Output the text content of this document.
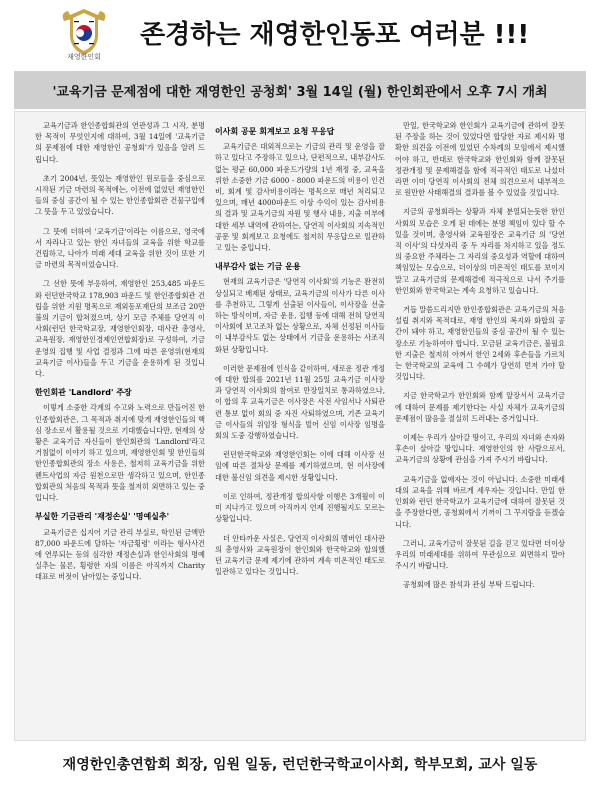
재영한인회
존경하는 재영한인동포 여러분 !!!
'교육기금 문제점에 대한 재영한인 공청회' 3월 14일 (월) 한인회관에서 오후 7시 개최

교육기금과 한인종합회관의 연관성과 그 시작, 분명한 목적이 무엇인지에 대하여, 3월 14일에 '교육기금의 문제점에 대한 재영한인 공청회'가 있음을 알려 드립니다.

초기 2004년, 뜻있는 재영한인 원로들을 중심으로 시작된 기금 마련의 목적에는, 이전에 없었던 재영한인들의 중심 공간이 될 수 있는 한인종합회관 건물구입에 그 뜻을 두고 있었습니다.

그 뜻에 더하여 '교육기금'이라는 이름으로, 영국에서 자라나고 있는 한인 자녀들의 교육을 위한 학교를 건립하고, 나아가 미래 세대 교육을 위한 것이 또한 기금 마련의 목적이었습니다.

그 선한 뜻에 부응하여, 재영한인 253,485 파운드와 런던한국학교 178,903 파운드 및 한인종합회관 건립을 위한 지원 명목으로 재외동포재단의 보조금 20만불의 기금이 합쳐졌으며, 상기 모금 주체를 당연직 이사회(런던 한국학교장, 재영한인회장, 대사관 총영사, 교육원장, 재영한인경제인연합회장)로 구성하여, 기금 운영의 집행 및 사업 결정과 그에 따른 운영위(현재의 교육기금 이사)들을 두고 기금을 운용하게 된 것입니다.

한인회관 'Landlord' 주장

이렇게 소중한 각계의 수고와 노력으로 만들어진 한인종합회관은, 그 목적과 취지에 맞게 재영한인들의 핵심 장소로서 활용될 것으로 기대했습니다만, 현재의 상황은 교육기금 자신들이 한인회관의 'Landlord'라고 거침없이 이야기 하고 있으며, 재영한인회 및 한인들의 한인종합회관의 장소 사용은, 철저히 교육기금을 위한 렌트사업의 자금 원천으로만 생각하고 있으며, 한인종합회관의 처음의 목적과 뜻을 철저히 외면하고 있는 중입니다.

부실한 기금관리 '재정손실' '명예실추'

교육기금은 십지어 기금 관리 부실로, 학인된 금액만 87,000 파운드에 달하는 '자금횡령' 이라는 형사사건에 연루되는 등의 심각한 재정손실과 한인사회의 명예실추는 물론, 횡령한 자의 이름은 아직까지 Charity 대표로 버젓이 남아있는 중입니다.

이사회 공문 회계보고 요청 무응답

교육기금은 대외적으로는 기금의 관리 및 운영을 잘 하고 있다고 주장하고 있으나, 단편적으로, 내부감사도 없는 평균 60,000 파운드가량의 1년 재정 중, 교육을 위한 소중한 기금 6000 - 8000 파운드의 비용이 인건비, 회계 및 감사비용이라는 명목으로 매년 처리되고 있으며, 매년 4000파운드 이상 수익이 있는 감사비용의 결과 및 교육기금의 자원 및 행사 내용, 지출 여부에 대한 세부 내역에 관하여는, 당연직 이사회의 지속적인 공문 및 회계보고 요청에도 철저히 무응답으로 일관하고 있는 중입니다.

내부감사 없는 기금 운용

현재의 교육기금은 '당연직 이사회'의 기능은 완전히 상실되고 배제된 상태로, 교육기금의 이사가 다른 이사를 추천하고, 그렇게 선출된 이사들이, 이사장을 선출하는 방식이며, 자금 운용, 집행 등에 대해 전혀 당연직 이사회에 보고조차 없는 상황으로, 자체 선정된 이사들이 내부감사도 없는 상태에서 기금을 운용하는 사조직화된 상황입니다.

이러한 문제점에 인식을 같이하여, 새로운 정관 개정에 대한 합의를 2021년 11월 25일 교육기금 이사장과 당연직 이사회의 참여로 만장일치로 통과하였으나, 이 합의 후 교육기금은 이사장은 사전 사임서나 사퇴관련 통보 없이 회의 중 자진 사퇴하였으며, 기존 교육기금 이사들의 위임장 형식을 빌어 신임 이사장 임명을 회의 도중 강행하였습니다.

런던한국학교와 재영한인회는 이에 대해 이사장 선임에 따른 절차상 문제를 제기하였으며, 현 이사장에 대한 불신임 의견을 제시한 상황입니다.

이로 인하여, 정관개정 합의사항 이행은 3개월이 이미 지나가고 있으며 아직까지 언제 진행될지도 모르는 상황입니다.

더 안타까운 사실은, 당연직 이사회의 멤버인 대사관의 총영사와 교육원장이 한인회와 한국학교와 합의했던 교육기금 문제 제기에 관하여 계속 미온적인 태도로 일관하고 있다는 것입니다.

만일, 한국학교와 한인회가 교육기금에 관하여 잘못된 주장을 하는 것이 있었다면 합당한 자료 제시와 명확한 의견을 이전에 있었던 수차례의 모임에서 제시했어야 하고, 반대로 한국학교와 한인회와 함께 잘못된 정관개정 및 문제해결을 함에 적극적인 태도로 나섰더라면 이미 당연직 이사회의 전체 의견으로서 내부적으로 원만한 사태해결의 결과를 볼 수 있었을 것입니다.

지금의 공청회라는 상황과 자체 분열되는듯한 한인사회의 모습은 오게 된 데에는 분명 책임이 있다 할 수 있을 것이며, 총영사와 교육원장은 교육기금 의 '당연직 이사'의 다섯자리 중 두 자리를 차지하고 있을 정도의 중요한 주체라는 그 자리의 중요성과 역할에 대하여 책임있는 모습으로, 더이상의 미온적인 태도를 보이지 말고 교육기금의 문제해결에 적극적으로 나서 주기를 한인회와 한국학교는 계속 요청하고 있습니다.

거듭 말씀드리지만 한인종합회관은 교육기금의 처음 설립 취지와 목적대로, 재영 한인의 복지와 화합의 공간이 돼야 하고, 재영한인들의 중심 공간이 될 수 있는 장소로 기능하여야 합니다. 모금된 교육기금은, 불필요한 지출은 철저히 아껴서 한인 2세와 후손들을 가르치는 한국학교의 교육에 그 수혜가 당연히 먼저 가야 할 것입니다.

지금 한국학교가 한인회와 함께 앞장서서 교육기금에 대하여 문제를 제기한다는 사실 자체가 교육기금의 문제점이 많음을 절실히 드러내는 증거입니다.

이제는 우리가 살아갈 땅이고, 우리의 자녀와 손자와 후손이 살아갈 땅입니다. 재영한인의 한 사람으로서, 교육기금의 상황에 관심을 가져 주시기 바랍니다.

교육기금을 없애자는 것이 아닙니다. 소중한 미래세대의 교육을 위해 바르게 세우자는 것입니다. 만일 한인회와 런던 한국학교가 교육기금에 대하여 잘못된 것을 주장한다면, 공청회에서 기꺼이 그 꾸지람을 듣겠습니다.

그러니, 교육기금이 잘못된 길을 걷고 있다면 더이상 우리의 미래세대를 위하여 무관심으로 외면하지 말아 주시기 바랍니다.

공청회에 많은 참석과 관심 부탁 드립니다.

재영한인총연합회 회장, 임원 일동, 런던한국학교이사회, 학부모회, 교사 일동
